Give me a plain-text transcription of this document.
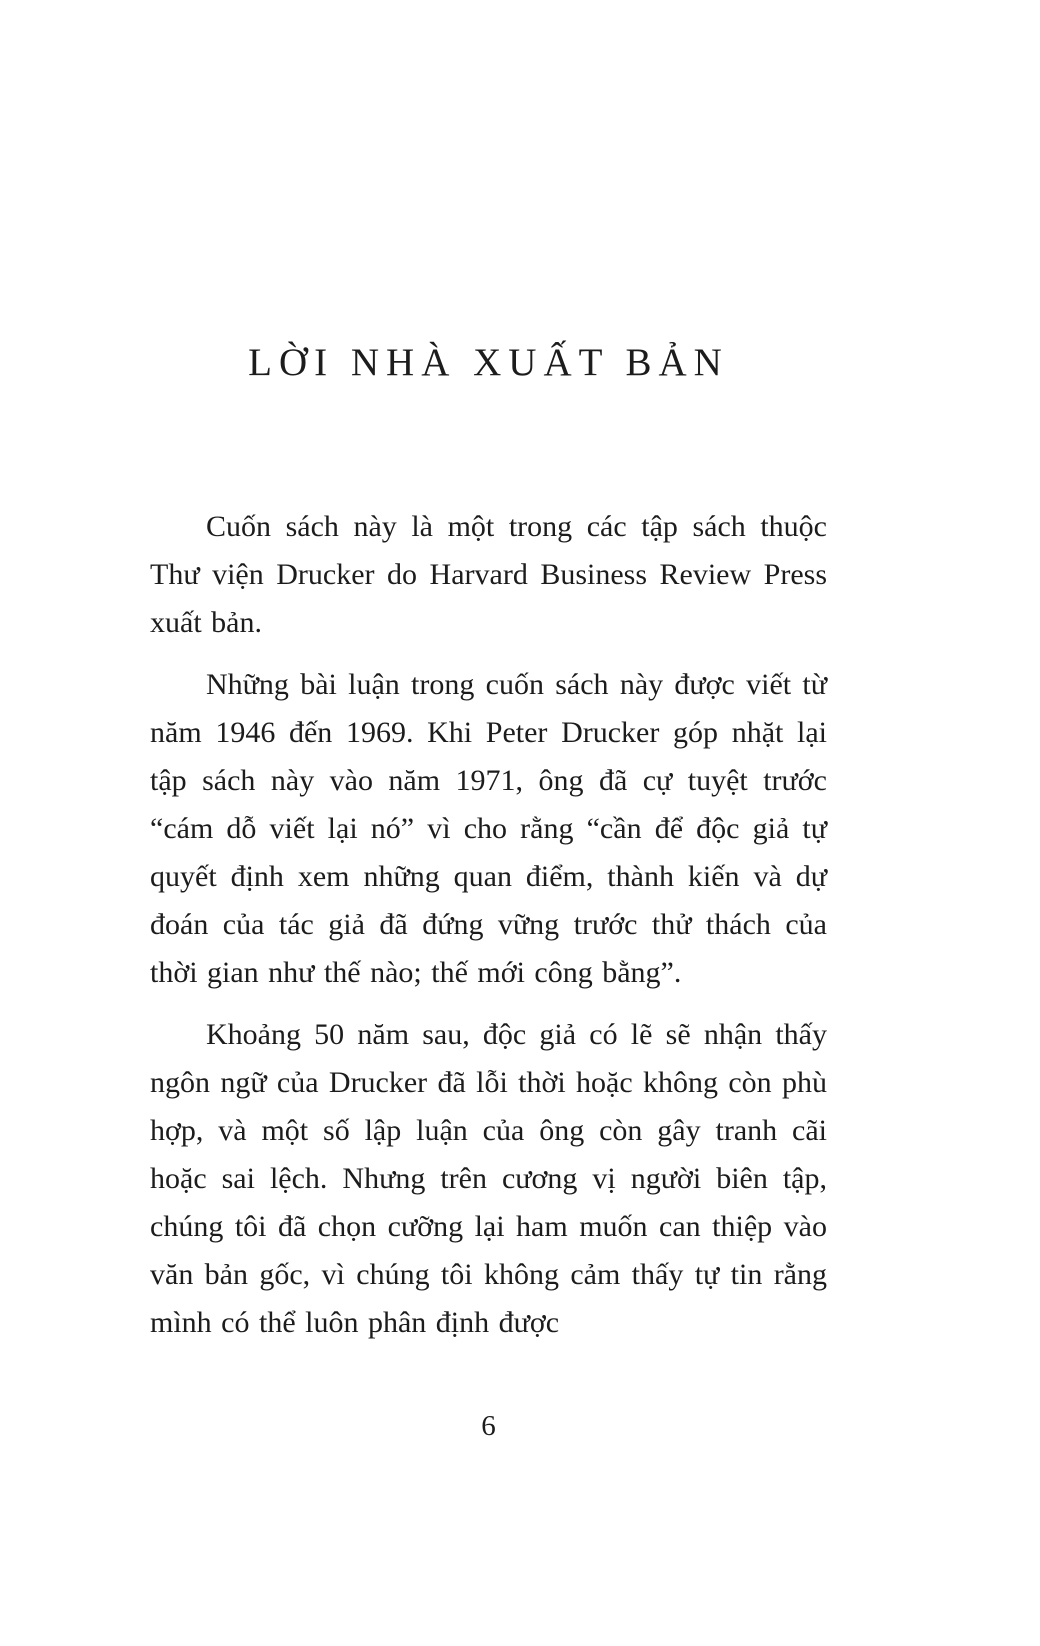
LỜI NHÀ XUẤT BẢN

Cuốn sách này là một trong các tập sách thuộc Thư viện Drucker do Harvard Business Review Press xuất bản.

Những bài luận trong cuốn sách này được viết từ năm 1946 đến 1969. Khi Peter Drucker góp nhặt lại tập sách này vào năm 1971, ông đã cự tuyệt trước “cám dỗ viết lại nó” vì cho rằng “cần để độc giả tự quyết định xem những quan điểm, thành kiến và dự đoán của tác giả đã đứng vững trước thử thách của thời gian như thế nào; thế mới công bằng”.

Khoảng 50 năm sau, độc giả có lẽ sẽ nhận thấy ngôn ngữ của Drucker đã lỗi thời hoặc không còn phù hợp, và một số lập luận của ông còn gây tranh cãi hoặc sai lệch. Nhưng trên cương vị người biên tập, chúng tôi đã chọn cưỡng lại ham muốn can thiệp vào văn bản gốc, vì chúng tôi không cảm thấy tự tin rằng mình có thể luôn phân định được

6
